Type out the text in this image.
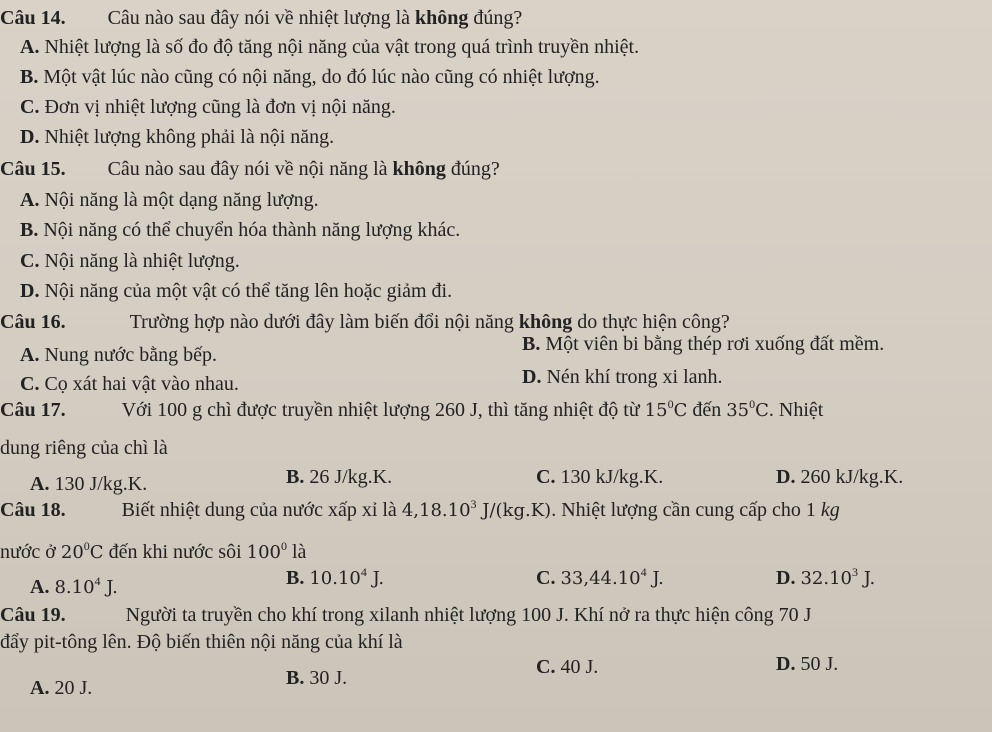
Câu 14. Câu nào sau đây nói về nhiệt lượng là không đúng?
A. Nhiệt lượng là số đo độ tăng nội năng của vật trong quá trình truyền nhiệt.
B. Một vật lúc nào cũng có nội năng, do đó lúc nào cũng có nhiệt lượng.
C. Đơn vị nhiệt lượng cũng là đơn vị nội năng.
D. Nhiệt lượng không phải là nội năng.
Câu 15. Câu nào sau đây nói về nội năng là không đúng?
A. Nội năng là một dạng năng lượng.
B. Nội năng có thể chuyển hóa thành năng lượng khác.
C. Nội năng là nhiệt lượng.
D. Nội năng của một vật có thể tăng lên hoặc giảm đi.
Câu 16.	Trường hợp nào dưới đây làm biến đổi nội năng không do thực hiện công?
A. Nung nước bằng bếp.	B. Một viên bi bằng thép rơi xuống đất mềm.
C. Cọ xát hai vật vào nhau.	D. Nén khí trong xi lanh.
Câu 17.	Với 100 g chì được truyền nhiệt lượng 260 J, thì tăng nhiệt độ từ $15^0C$ đến $35^0C$. Nhiệt
dung riêng của chì là
A. 130 J/kg.K.	B. 26 J/kg.K.	C. 130 kJ/kg.K.	D. 260 kJ/kg.K.
Câu 18.	Biết nhiệt dung của nước xấp xỉ là 4,18.10$^3$ J/(kg.K). Nhiệt lượng cần cung cấp cho 1 kg
nước ở $20^0C$ đến khi nước sôi $100^0$ là
A. 8.10$^4$ J.	B. 10.10$^4$ J.	C. 33,44.10$^4$ J.	D. 32.10$^3$ J.
Câu 19.	Người ta truyền cho khí trong xilanh nhiệt lượng 100 J. Khí nở ra thực hiện công 70 J
đẩy pit-tông lên. Độ biến thiên nội năng của khí là
A. 20 J.	B. 30 J.	C. 40 J.	D. 50 J.
